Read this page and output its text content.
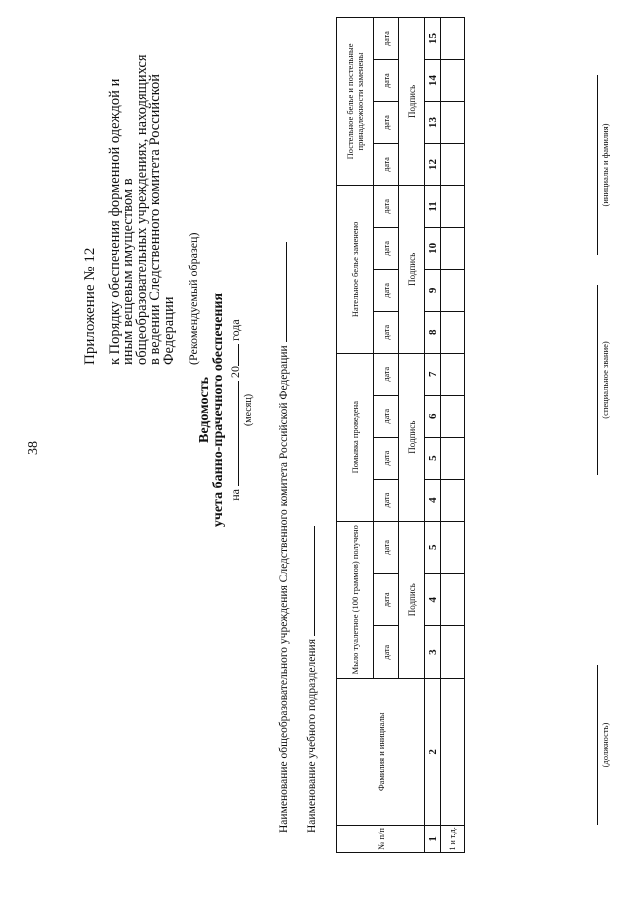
38
Приложение № 12 к Порядку обеспечения форменной одеждой и
иным вещевым имуществом в
общеобразовательных учреждениях, находящихся
в ведении Следственного комитета Российской
Федерации (Рекомендуемый образец)
Ведомость учета банно-прачечного обеспечения на  20 года
(месяц) Наименование общеобразовательного учреждения Следственного комитета Российской Федерации Наименование учебного подразделения
№ п/п	Фамилия и инициалы	Мыло туалетное (100 граммов) получено			Помывка проведена				Нательное белье заменено				Постельное белье и постельные принадлежности заменены			
		дата	дата	дата	дата	дата	дата	дата	дата	дата	дата	дата	дата	дата	дата	дата
		Подпись			Подпись				Подпись				Подпись			
1	2	3	4	5	4	5	6	7	8	9	10	11	12	13	14	15
1 и т.д.																
(должность)
(специальное звание)
(инициалы и фамилия)
